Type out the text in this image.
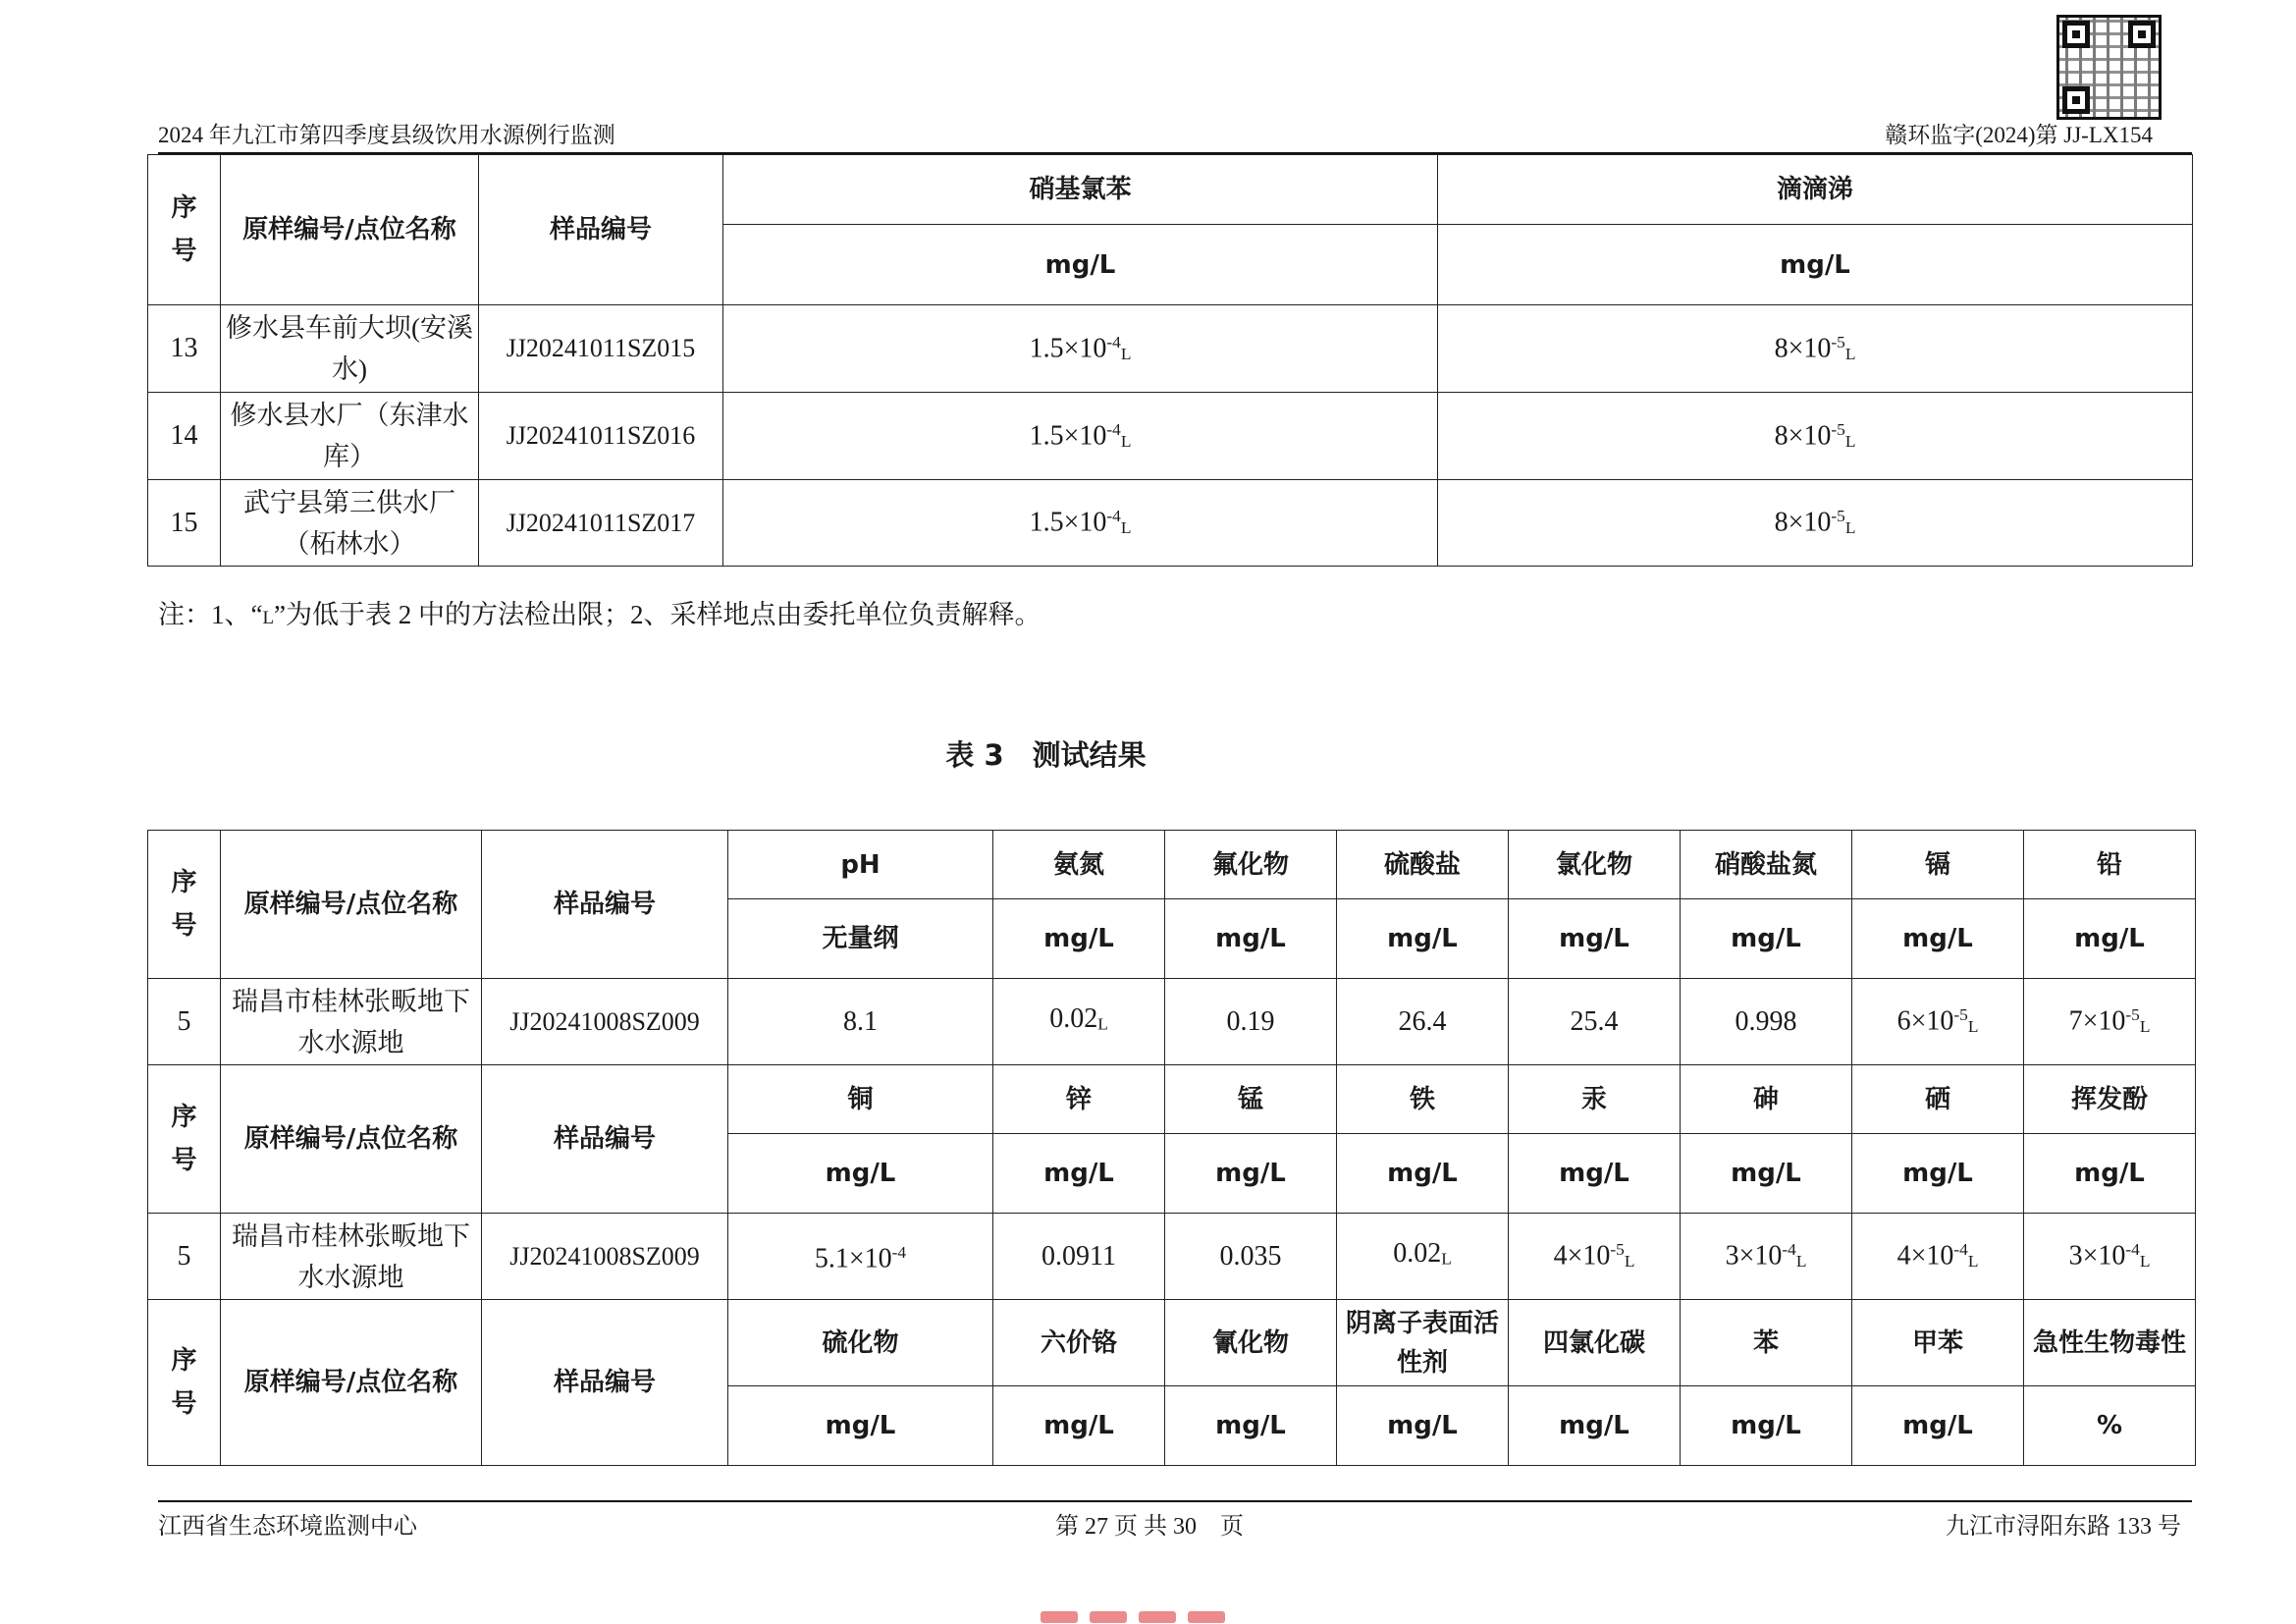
2024 年九江市第四季度县级饮用水源例行监测	赣环监字(2024)第 JJ-LX154
序号	原样编号/点位名称	样品编号	硝基氯苯	滴滴涕
			mg/L	mg/L
13	修水县车前大坝(安溪水)	JJ20241011SZ015	$1.5\times 10^{-4}_L$	$8\times 10^{-5}_L$
14	修水县水厂（东津水库）	JJ20241011SZ016	$1.5\times 10^{-4}_L$	$8\times 10^{-5}_L$
15	武宁县第三供水厂（柘林水）	JJ20241011SZ017	$1.5\times 10^{-4}_L$	$8\times 10^{-5}_L$
注：1、“L”为低于表 2 中的方法检出限；2、采样地点由委托单位负责解释。
表 3　测试结果
序号	原样编号/点位名称	样品编号	pH	氨氮	氟化物	硫酸盐	氯化物	硝酸盐氮	镉	铅
			无量纲	mg/L	mg/L	mg/L	mg/L	mg/L	mg/L	mg/L
5	瑞昌市桂林张畈地下水水源地	JJ20241008SZ009	8.1	$0.02_L$	0.19	26.4	25.4	0.998	$6\times 10^{-5}_L$	$7\times 10^{-5}_L$
序号	原样编号/点位名称	样品编号	铜	锌	锰	铁	汞	砷	硒	挥发酚
			mg/L	mg/L	mg/L	mg/L	mg/L	mg/L	mg/L	mg/L
5	瑞昌市桂林张畈地下水水源地	JJ20241008SZ009	$5.1\times 10^{-4}$	0.0911	0.035	$0.02_L$	$4\times 10^{-5}_L$	$3\times 10^{-4}_L$	$4\times 10^{-4}_L$	$3\times 10^{-4}_L$
序号	原样编号/点位名称	样品编号	硫化物	六价铬	氰化物	阴离子表面活性剂	四氯化碳	苯	甲苯	急性生物毒性
			mg/L	mg/L	mg/L	mg/L	mg/L	mg/L	mg/L	%
江西省生态环境监测中心	第 27 页 共 30　页	九江市浔阳东路 133 号
